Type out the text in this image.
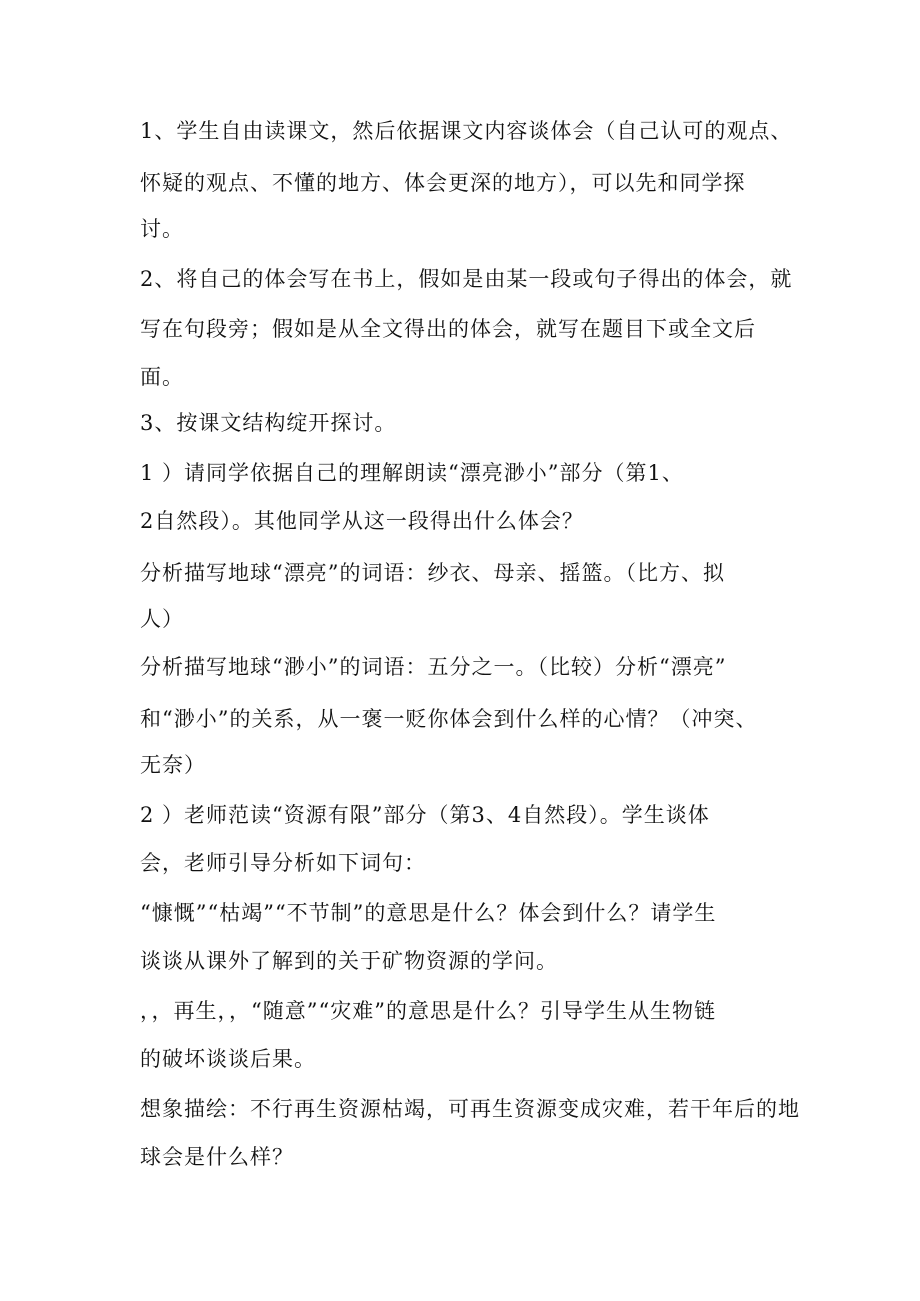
1、学生自由读课文，然后依据课文内容谈体会（自己认可的观点、
怀疑的观点、不懂的地方、体会更深的地方），可以先和同学探
讨。
2、将自己的体会写在书上，假如是由某一段或句子得出的体会，就
写在句段旁；假如是从全文得出的体会，就写在题目下或全文后
面。
3、按课文结构绽开探讨。
1 ）请同学依据自己的理解朗读“漂亮渺小”部分（第1、
2自然段）。其他同学从这一段得出什么体会？
分析描写地球“漂亮”的词语：纱衣、母亲、摇篮。（比方、拟
人）
分析描写地球“渺小”的词语：五分之一。（比较）分析“漂亮”
和“渺小”的关系，从一褒一贬你体会到什么样的心情？（冲突、
无奈）
2 ）老师范读“资源有限”部分（第3、4自然段）。学生谈体
会，老师引导分析如下词句：
“慷慨”“枯竭”“不节制”的意思是什么？体会到什么？请学生
谈谈从课外了解到的关于矿物资源的学问。
，，再生，，“随意”“灾难”的意思是什么？引导学生从生物链
的破坏谈谈后果。
想象描绘：不行再生资源枯竭，可再生资源变成灾难，若干年后的地
球会是什么样？
